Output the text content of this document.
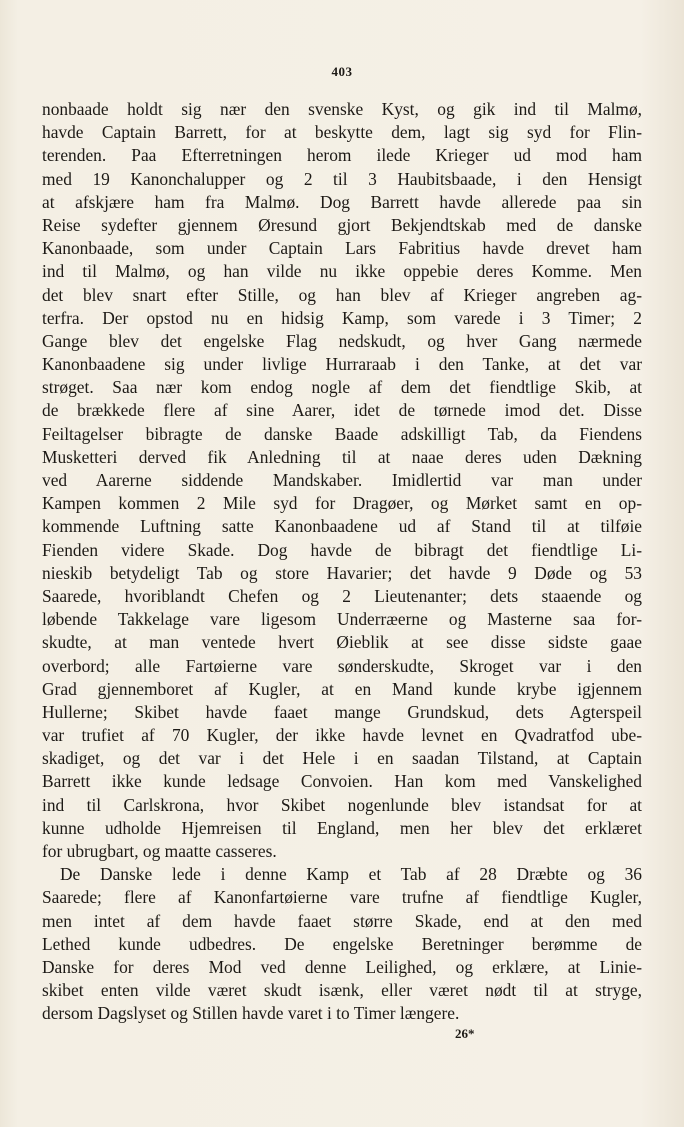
403
nonbaade holdt sig nær den svenske Kyst, og gik ind til Malmø,
havde Captain Barrett, for at beskytte dem, lagt sig syd for Flin-
terenden. Paa Efterretningen herom ilede Krieger ud mod ham
med 19 Kanonchalupper og 2 til 3 Haubitsbaade, i den Hensigt
at afskjære ham fra Malmø. Dog Barrett havde allerede paa sin
Reise sydefter gjennem Øresund gjort Bekjendtskab med de danske
Kanonbaade, som under Captain Lars Fabritius havde drevet ham
ind til Malmø, og han vilde nu ikke oppebie deres Komme. Men
det blev snart efter Stille, og han blev af Krieger angreben ag-
terfra. Der opstod nu en hidsig Kamp, som varede i 3 Timer; 2
Gange blev det engelske Flag nedskudt, og hver Gang nærmede
Kanonbaadene sig under livlige Hurraraab i den Tanke, at det var
strøget. Saa nær kom endog nogle af dem det fiendtlige Skib, at
de brækkede flere af sine Aarer, idet de tørnede imod det. Disse
Feiltagelser bibragte de danske Baade adskilligt Tab, da Fiendens
Musketteri derved fik Anledning til at naae deres uden Dækning
ved Aarerne siddende Mandskaber. Imidlertid var man under
Kampen kommen 2 Mile syd for Dragøer, og Mørket samt en op-
kommende Luftning satte Kanonbaadene ud af Stand til at tilføie
Fienden videre Skade. Dog havde de bibragt det fiendtlige Li-
nieskib betydeligt Tab og store Havarier; det havde 9 Døde og 53
Saarede, hvoriblandt Chefen og 2 Lieutenanter; dets staaende og
løbende Takkelage vare ligesom Underræerne og Masterne saa for-
skudte, at man ventede hvert Øieblik at see disse sidste gaae
overbord; alle Fartøierne vare sønderskudte, Skroget var i den
Grad gjennemboret af Kugler, at en Mand kunde krybe igjennem
Hullerne; Skibet havde faaet mange Grundskud, dets Agterspeil
var trufiet af 70 Kugler, der ikke havde levnet en Qvadratfod ube-
skadiget, og det var i det Hele i en saadan Tilstand, at Captain
Barrett ikke kunde ledsage Convoien. Han kom med Vanskelighed
ind til Carlskrona, hvor Skibet nogenlunde blev istandsat for at
kunne udholde Hjemreisen til England, men her blev det erklæret
for ubrugbart, og maatte casseres.
De Danske lede i denne Kamp et Tab af 28 Dræbte og 36
Saarede; flere af Kanonfartøierne vare trufne af fiendtlige Kugler,
men intet af dem havde faaet større Skade, end at den med
Lethed kunde udbedres. De engelske Beretninger berømme de
Danske for deres Mod ved denne Leilighed, og erklære, at Linie-
skibet enten vilde været skudt isænk, eller været nødt til at stryge,
dersom Dagslyset og Stillen havde varet i to Timer længere.
26*
